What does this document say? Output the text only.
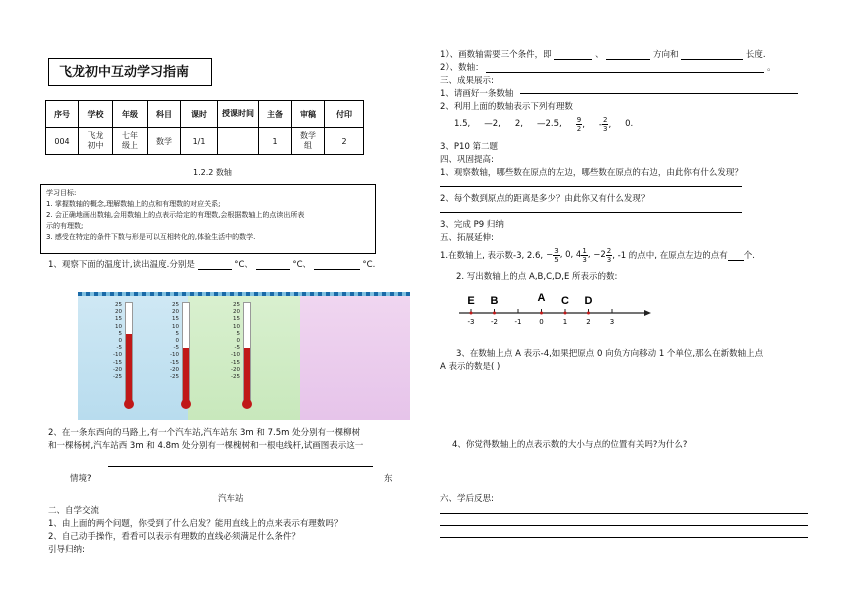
飞龙初中互动学习指南
序号	学校	年级	科目	课时	授课时间	主备	审稿	付印
004	飞龙初中	七年级上	数学	1/1		1	数学组	2
1.2.2 数轴
学习目标:
1. 掌握数轴的概念,理解数轴上的点和有理数的对应关系;
2. 会正确地画出数轴,会用数轴上的点表示给定的有理数,会根据数轴上的点读出所表
示的有理数;
3. 感受在特定的条件下数与形是可以互相转化的,体验生活中的数学.
1、观察下面的温度计,读出温度.分别是	°C、	°C、	°C.
25
20
15
10
5
0
-5
-10
-15
-20
-25
25
20
15
10
5
0
-5
-10
-15
-20
-25
25
20
15
10
5
0
-5
-10
-15
-20
-25
2、在一条东西向的马路上,有一个汽车站,汽车站东 3m 和 7.5m 处分别有一棵柳树
和一棵杨树,汽车站西 3m 和 4.8m 处分别有一棵槐树和一根电线杆,试画图表示这一
情境?	东
汽车站
二、自学交流
1、由上面的两个问题，你受到了什么启发？能用直线上的点来表示有理数吗？
2、自己动手操作，看看可以表示有理数的直线必须满足什么条件？
引导归纳:
1）、画数轴需要三个条件，即	、	方向和	长度.
2）、数轴：	。
三、成果展示:
1、请画好一条数轴
2、利用上面的数轴表示下列有理数
1.5, —2, 2, —2.5, $\frac{9}{2}$ , - $\frac{2}{3}$ , 0.
3、P10 第二题
四、巩固提高:
1、观察数轴，哪些数在原点的左边，哪些数在原点的右边，由此你有什么发现？
2、每个数到原点的距离是多少？由此你又有什么发现？
3、完成 P9 归纳
五、拓展延伸:
1.在数轴上, 表示数-3, 2.6, − $\frac{3}{5}$ , 0, $4 \frac{1}{3}$ , $-2 \frac{2}{3}$ , -1 的点中, 在原点左边的点有 个.
2. 写出数轴上的点 A,B,C,D,E 所表示的数:
-3 -2 -1	0	1	2	3
E B	A C D
3、在数轴上点 A 表示-4,如果把原点 0 向负方向移动 1 个单位,那么在新数轴上点
A 表示的数是( )
4、你觉得数轴上的点表示数的大小与点的位置有关吗?为什么?
六、学后反思:
